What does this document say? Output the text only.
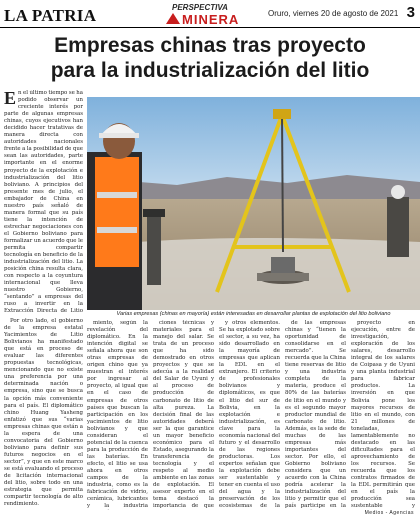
LA PATRIA	PERSPECTIVA
MINERA	Oruro, viernes 20 de agosto de 2021 3
Empresas chinas tras proyecto
para la industrialización del litio

En el último tiempo se ha podido observar un creciente interés por parte de algunas empresas chinas, cuyos ejecutivos han decidido hacer tratativas de manera directa con autoridades nacionales frente a la posibilidad de que sean las autoridades, parte importante en el enorme proyecto de la explotación e industrialización del litio boliviano. A principios del presente mes de julio, el embajador de China en nuestro país señaló de manera formal que su país tiene la intención de estrechar negociaciones con el Gobierno boliviano para formalizar un acuerdo que le permita compartir tecnología en beneficio de la industrialización del litio. La posición china resulta clara, con respecto a la coyuntura internacional que lleva nuestro Gobierno, “sentando” a empresas del ruso a invertir en la Extracción Directa de Litio

Por otro lado, el gobierno de la empresa estatal Yacimientos de Litio Bolivianos ha manifestado que está en proceso de evaluar las diferentes propuestas tecnológicas, mencionando que no existe una preferencia por una determinada nación o empresa, sino que se busca la opción más conveniente para el país. El diplomático chino Huang Yasheng enfatizó que sus “varias empresas chinas que están a la espera de una convocatoria del Gobierno boliviano para definir sus futuros negocios en el sector”, y que en este marco se está evaluando el proceso de licitación internacional del litio, sobre todo en una estrategia que permita compartir tecnología de alto rendimiento.

Varias empresas (chinas en mayoría) están interesadas en desarrollar plantas de explotación del litio boliviano

miento, según la revelación del diplomático. En la intención digital se señala ahora que son otras empresas de origen chino que ya muestran el interés por ingresar al proyecto, al igual que en el caso de empresas de otros países que buscan la participación en los yacimientos de litio bolivianos y que consideran el potencial de la cuenca para la producción de las baterías. En efecto, el litio se usa ahora en otros campos de la industria, como es la fabricación de vidrio, cerámica, lubricantes y la industria

ciones técnicas y materiales para el manejo del salar. Se trata de un proceso que ha sido demostrado en otros proyectos y que se adecúa a la realidad del Salar de Uyuni y al proceso de producción de carbonato de litio de alta pureza. La decisión final de las autoridades deberá ser la que garantice un mayor beneficio económico para el Estado, asegurando la transferencia de tecnología y el respeto al medio ambiente en las zonas de explotación. El asesor experto en el tema destacó la importancia de que

y otros elementos. Se ha explotado sobre el sector, a su vez, ha sido desarrollado en la mayoría de empresas que aplican la EDL en el extranjero. El criterio de profesionales bolivianos y diplomáticos, es que el litio del sur de Bolivia, en la explotación e industrialización, es clave para la economía nacional del futuro y el desarrollo de las regiones productoras. Los expertos señalan que la explotación debe ser sustentable y tener en cuenta el uso del agua y la preservación de los ecosistemas de la

de las empresas chinas y “tienen la oportunidad de consolidarse en el mercado”. Se recuerda que la China tiene reservas de litio y una industria completa de la materia, produce el 80% de las baterías de litio en el mundo y es el segundo mayor productor mundial de carbonato de litio. Además, es la sede de muchas de las empresas más importantes del sector. Por ello, el Gobierno boliviano considera que un acuerdo con la China podría acelerar la industrialización del litio y permitir que el país participe en la

proyecto en ejecución, entre de investigación, exploración de los salares, desarrollo integral de los salares de Coipasa y de Uyuni y una planta industrial para fabricar productos. La inversión en que Bolivia pone los mayores recursos de litio en el mundo, con 21 millones de toneladas, lamentablemente no destacado en las dificultades para el aprovechamiento de los recursos. Se recuerda que los contratos firmados de la EDL permitirán que en el país la producción sea sustentable y

Medios - Agencias
